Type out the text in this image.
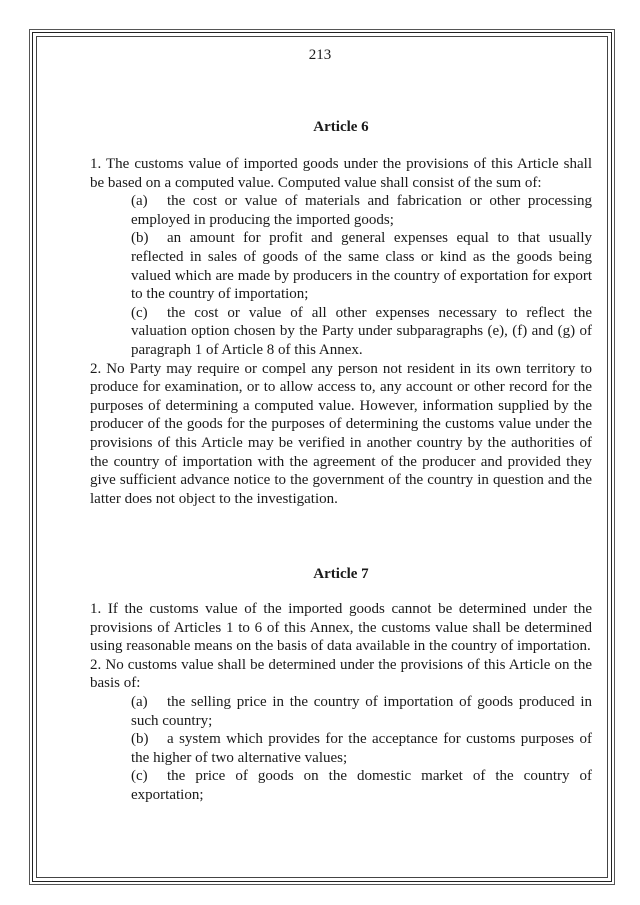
213
Article 6

1. The customs value of imported goods under the provisions of this Article shall be based on a computed value. Computed value shall consist of the sum of:

(a) the cost or value of materials and fabrication or other processing employed in producing the imported goods;

(b) an amount for profit and general expenses equal to that usually reflected in sales of goods of the same class or kind as the goods being valued which are made by producers in the country of exportation for export to the country of importation;

(c) the cost or value of all other expenses necessary to reflect the valuation option chosen by the Party under subparagraphs (e), (f) and (g) of paragraph 1 of Article 8 of this Annex.

2. No Party may require or compel any person not resident in its own territory to produce for examination, or to allow access to, any account or other record for the purposes of determining a computed value. However, information supplied by the producer of the goods for the purposes of determining the customs value under the provisions of this Article may be verified in another country by the authorities of the country of importation with the agreement of the producer and provided they give sufficient advance notice to the government of the country in question and the latter does not object to the investigation.

Article 7

1. If the customs value of the imported goods cannot be determined under the provisions of Articles 1 to 6 of this Annex, the customs value shall be determined using reasonable means on the basis of data available in the country of importation.

2. No customs value shall be determined under the provisions of this Article on the basis of:

(a) the selling price in the country of importation of goods produced in such country;

(b) a system which provides for the acceptance for customs purposes of the higher of two alternative values;

(c) the price of goods on the domestic market of the country of exportation;
